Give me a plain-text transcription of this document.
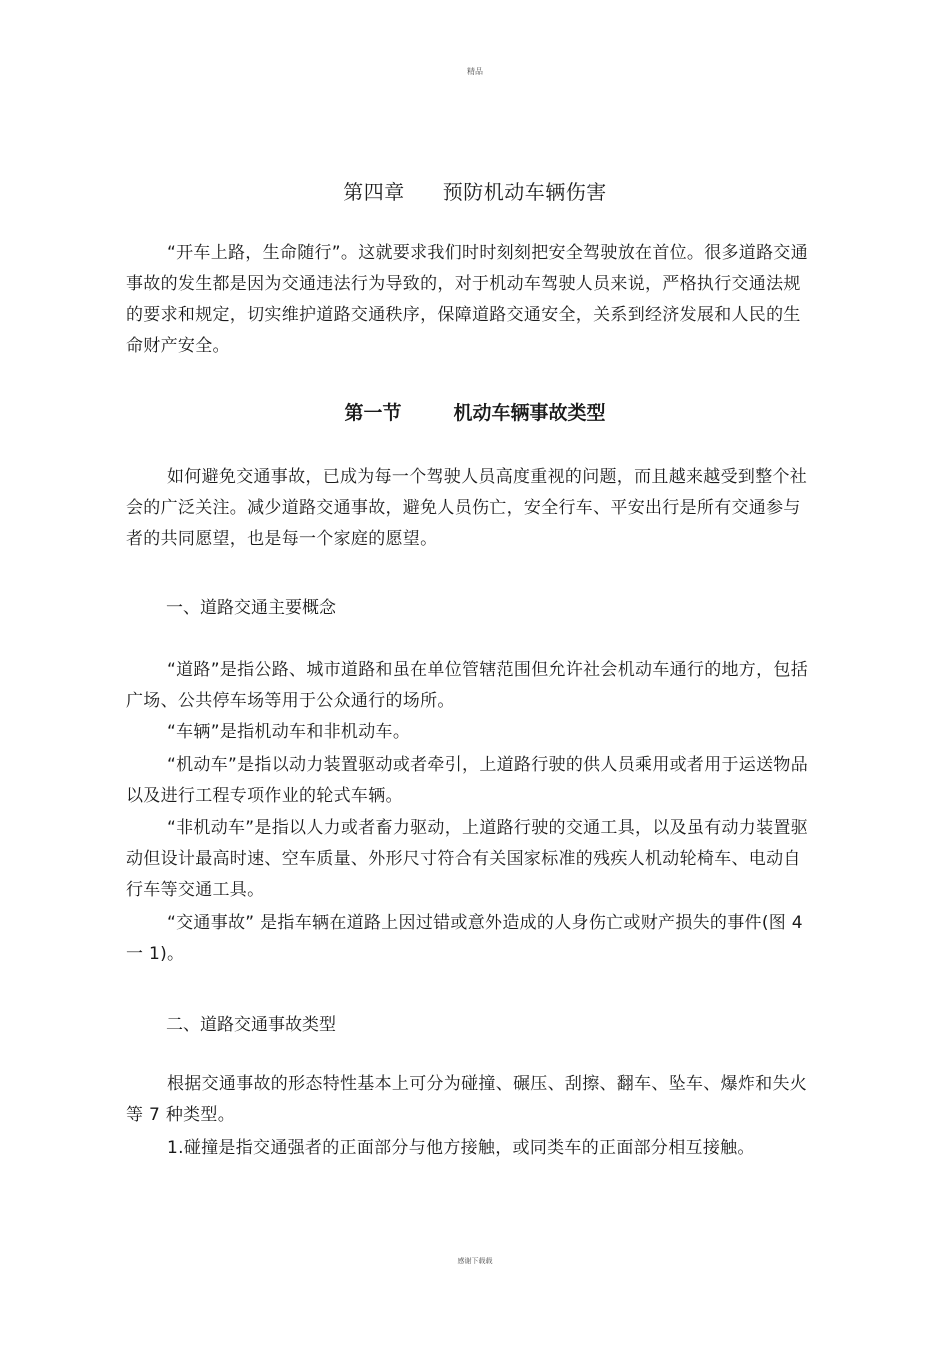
精品
第四章 预防机动车辆伤害

“开车上路，生命随行”。这就要求我们时时刻刻把安全驾驶放在首位。很多道路交通事故的发生都是因为交通违法行为导致的，对于机动车驾驶人员来说，严格执行交通法规的要求和规定，切实维护道路交通秩序，保障道路交通安全，关系到经济发展和人民的生命财产安全。

第一节	机动车辆事故类型

如何避免交通事故，已成为每一个驾驶人员高度重视的问题，而且越来越受到整个社会的广泛关注。减少道路交通事故，避免人员伤亡，安全行车、平安出行是所有交通参与者的共同愿望，也是每一个家庭的愿望。

一、道路交通主要概念

“道路”是指公路、城市道路和虽在单位管辖范围但允许社会机动车通行的地方，包括广场、公共停车场等用于公众通行的场所。

“车辆”是指机动车和非机动车。

“机动车”是指以动力装置驱动或者牵引，上道路行驶的供人员乘用或者用于运送物品以及进行工程专项作业的轮式车辆。

“非机动车”是指以人力或者畜力驱动，上道路行驶的交通工具，以及虽有动力装置驱动但设计最高时速、空车质量、外形尺寸符合有关国家标准的残疾人机动轮椅车、电动自行车等交通工具。

“交通事故” 是指车辆在道路上因过错或意外造成的人身伤亡或财产损失的事件(图 4 一 1)。

二、道路交通事故类型

根据交通事故的形态特性基本上可分为碰撞、碾压、刮擦、翻车、坠车、爆炸和失火等 7 种类型。

1.碰撞是指交通强者的正面部分与他方接触，或同类车的正面部分相互接触。

感谢下载载
